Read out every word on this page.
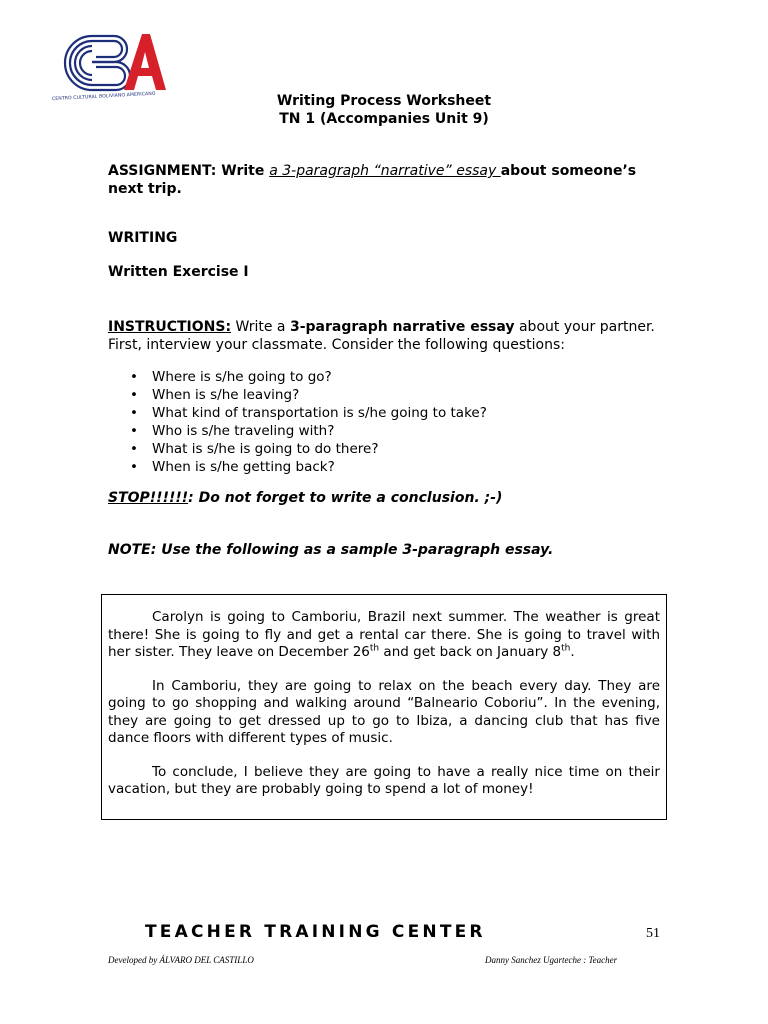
CENTRO CULTURAL BOLIVIANO AMERICANO	Writing Process Worksheet
TN 1 (Accompanies Unit 9)
ASSIGNMENT: Write a 3-paragraph “narrative” essay about someone’s next trip.
WRITING
Written Exercise I
INSTRUCTIONS: Write a 3-paragraph narrative essay about your partner. First, interview your classmate. Consider the following questions:
• Where is s/he going to go?
• When is s/he leaving?
• What kind of transportation is s/he going to take?
• Who is s/he traveling with?
• What is s/he is going to do there?
• When is s/he getting back?
STOP!!!!!!: Do not forget to write a conclusion. ;-)
NOTE: Use the following as a sample 3-paragraph essay.

Carolyn is going to Camboriu, Brazil next summer. The weather is great there! She is going to fly and get a rental car there. She is going to travel with her sister. They leave on December 26th and get back on January 8th.

In Camboriu, they are going to relax on the beach every day. They are going to go shopping and walking around “Balneario Coboriu”. In the evening, they are going to get dressed up to go to Ibiza, a dancing club that has five dance floors with different types of music.

To conclude, I believe they are going to have a really nice time on their vacation, but they are probably going to spend a lot of money!

TEACHER TRAINING CENTER	51
Developed by ÁLVARO DEL CASTILLO	Danny Sanchez Ugarteche : Teacher
